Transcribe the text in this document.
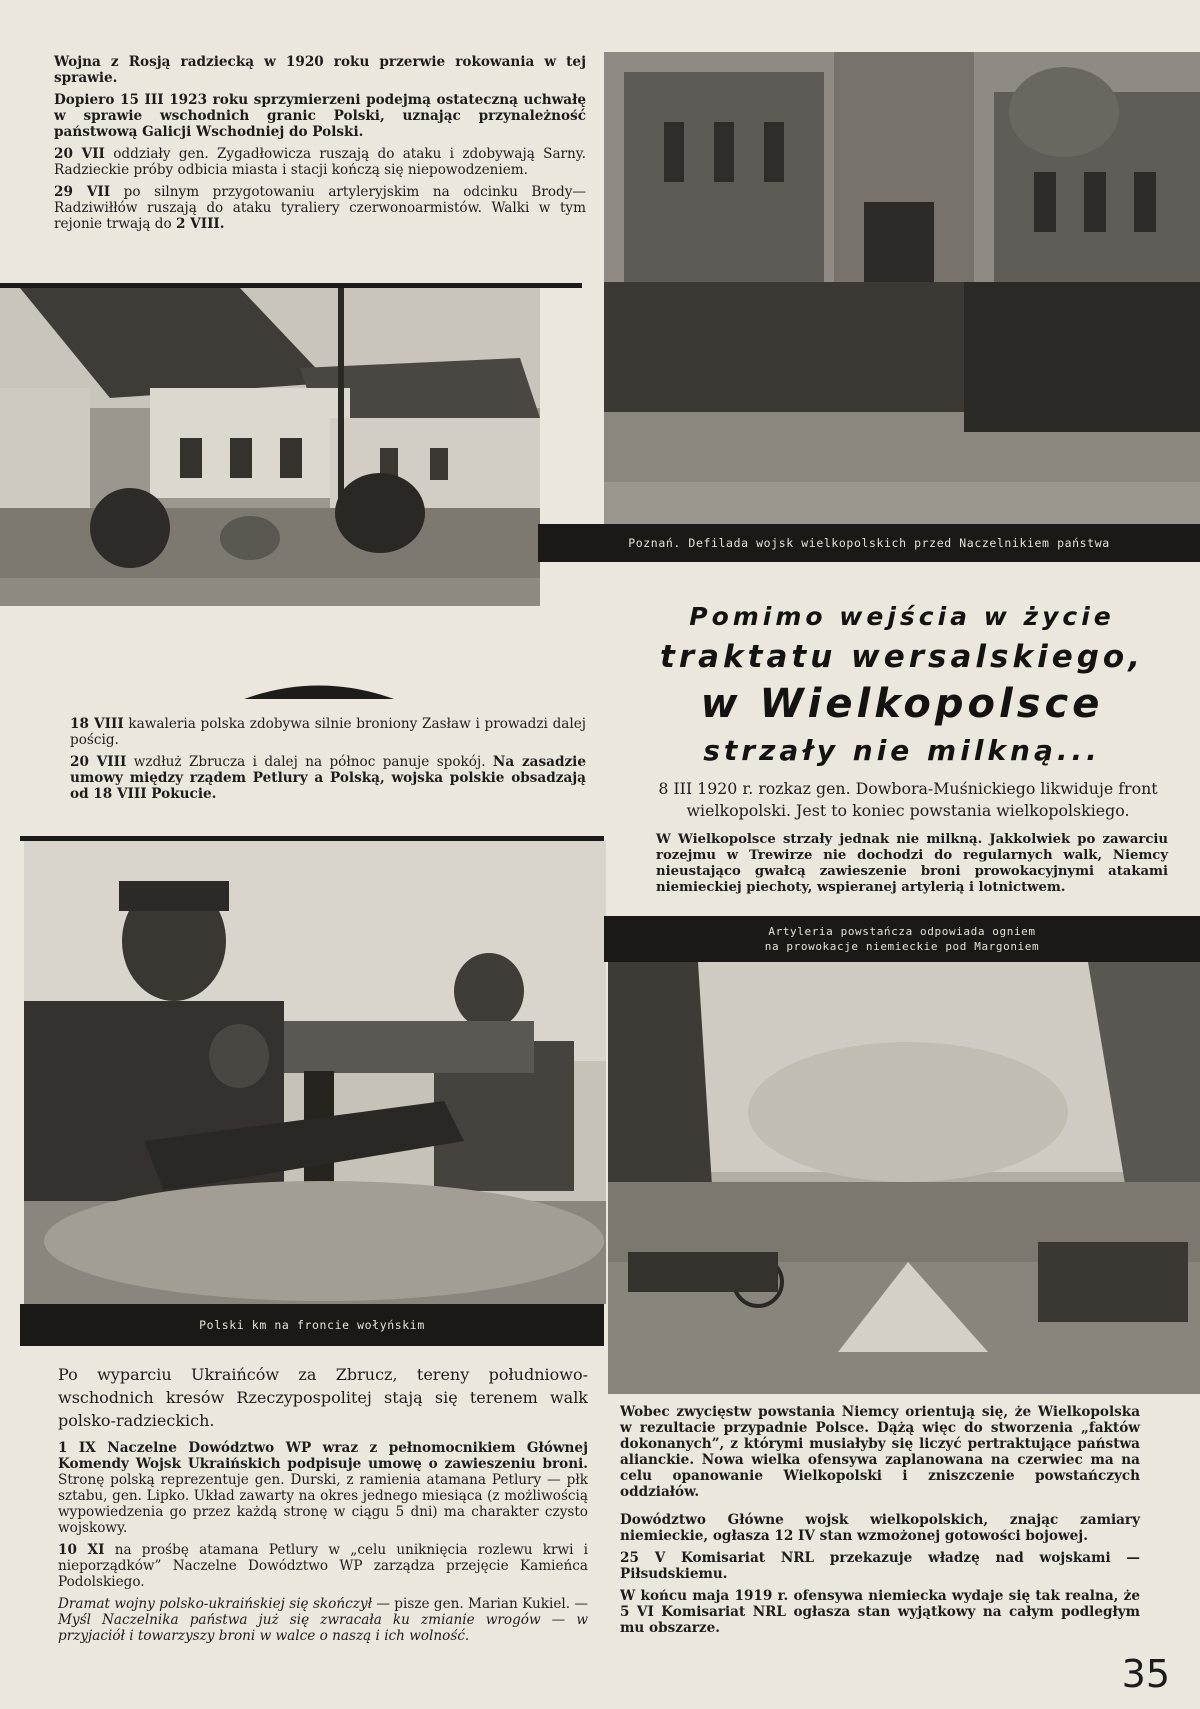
Wojna z Rosją radziecką w 1920 roku przerwie rokowania w tej sprawie.

Dopiero 15 III 1923 roku sprzymierzeni podejmą ostateczną uchwałę w sprawie wschodnich granic Polski, uznając przynależność państwową Galicji Wschodniej do Polski.

20 VII oddziały gen. Zygadłowicza ruszają do ataku i zdobywają Sarny. Radzieckie próby odbicia miasta i stacji kończą się niepowodzeniem.

29 VII po silnym przygotowaniu artyleryjskim na odcinku Brody—Radziwiłłów ruszają do ataku tyraliery czerwonoarmistów. Walki w tym rejonie trwają do 2 VIII.

Poznań. Defilada wojsk wielkopolskich przed Naczelnikiem państwa
Pomimo wejścia w życie
traktatu wersalskiego,
w Wielkopolsce
strzały nie milkną...

18 VIII kawaleria polska zdobywa silnie broniony Zasław i prowadzi dalej pościg.

20 VIII wzdłuż Zbrucza i dalej na północ panuje spokój. Na zasadzie umowy między rządem Petlury a Polską, wojska polskie obsadzają od 18 VIII Pokucie.	8 III 1920 r. rozkaz gen. Dowbora-Muśnickiego likwiduje front wielkopolski. Jest to koniec powstania wielkopolskiego.

W Wielkopolsce strzały jednak nie milkną. Jakkolwiek po zawarciu rozejmu w Trewirze nie dochodzi do regularnych walk, Niemcy nieustająco gwałcą zawieszenie broni prowokacyjnymi atakami niemieckiej piechoty, wspieranej artylerią i lotnictwem.

Polski km na froncie wołyńskim
Artyleria powstańcza odpowiada ogniem
na prowokacje niemieckie pod Margoniem

Po wyparciu Ukraińców za Zbrucz, tereny południowo-wschodnich kresów Rzeczypospolitej stają się terenem walk polsko-radzieckich.

1 IX Naczelne Dowództwo WP wraz z pełnomocnikiem Głównej Komendy Wojsk Ukraińskich podpisuje umowę o zawieszeniu broni. Stronę polską reprezentuje gen. Durski, z ramienia atamana Petlury — płk sztabu, gen. Lipko. Układ zawarty na okres jednego miesiąca (z możliwością wypowiedzenia go przez każdą stronę w ciągu 5 dni) ma charakter czysto wojskowy.

10 XI na prośbę atamana Petlury w „celu uniknięcia rozlewu krwi i nieporządków” Naczelne Dowództwo WP zarządza przejęcie Kamieńca Podolskiego.

Dramat wojny polsko-ukraińskiej się skończył — pisze gen. Marian Kukiel. — Myśl Naczelnika państwa już się zwracała ku zmianie wrogów — w przyjaciół i towarzyszy broni w walce o naszą i ich wolność.

Wobec zwycięstw powstania Niemcy orientują się, że Wielkopolska w rezultacie przypadnie Polsce. Dążą więc do stworzenia „faktów dokonanych”, z którymi musiałyby się liczyć pertraktujące państwa alianckie. Nowa wielka ofensywa zaplanowana na czerwiec ma na celu opanowanie Wielkopolski i zniszczenie powstańczych oddziałów.

Dowództwo Główne wojsk wielkopolskich, znając zamiary niemieckie, ogłasza 12 IV stan wzmożonej gotowości bojowej.

25 V Komisariat NRL przekazuje władzę nad wojskami — Piłsudskiemu.

W końcu maja 1919 r. ofensywa niemiecka wydaje się tak realna, że 5 VI Komisariat NRL ogłasza stan wyjątkowy na całym podległym mu obszarze.

35
